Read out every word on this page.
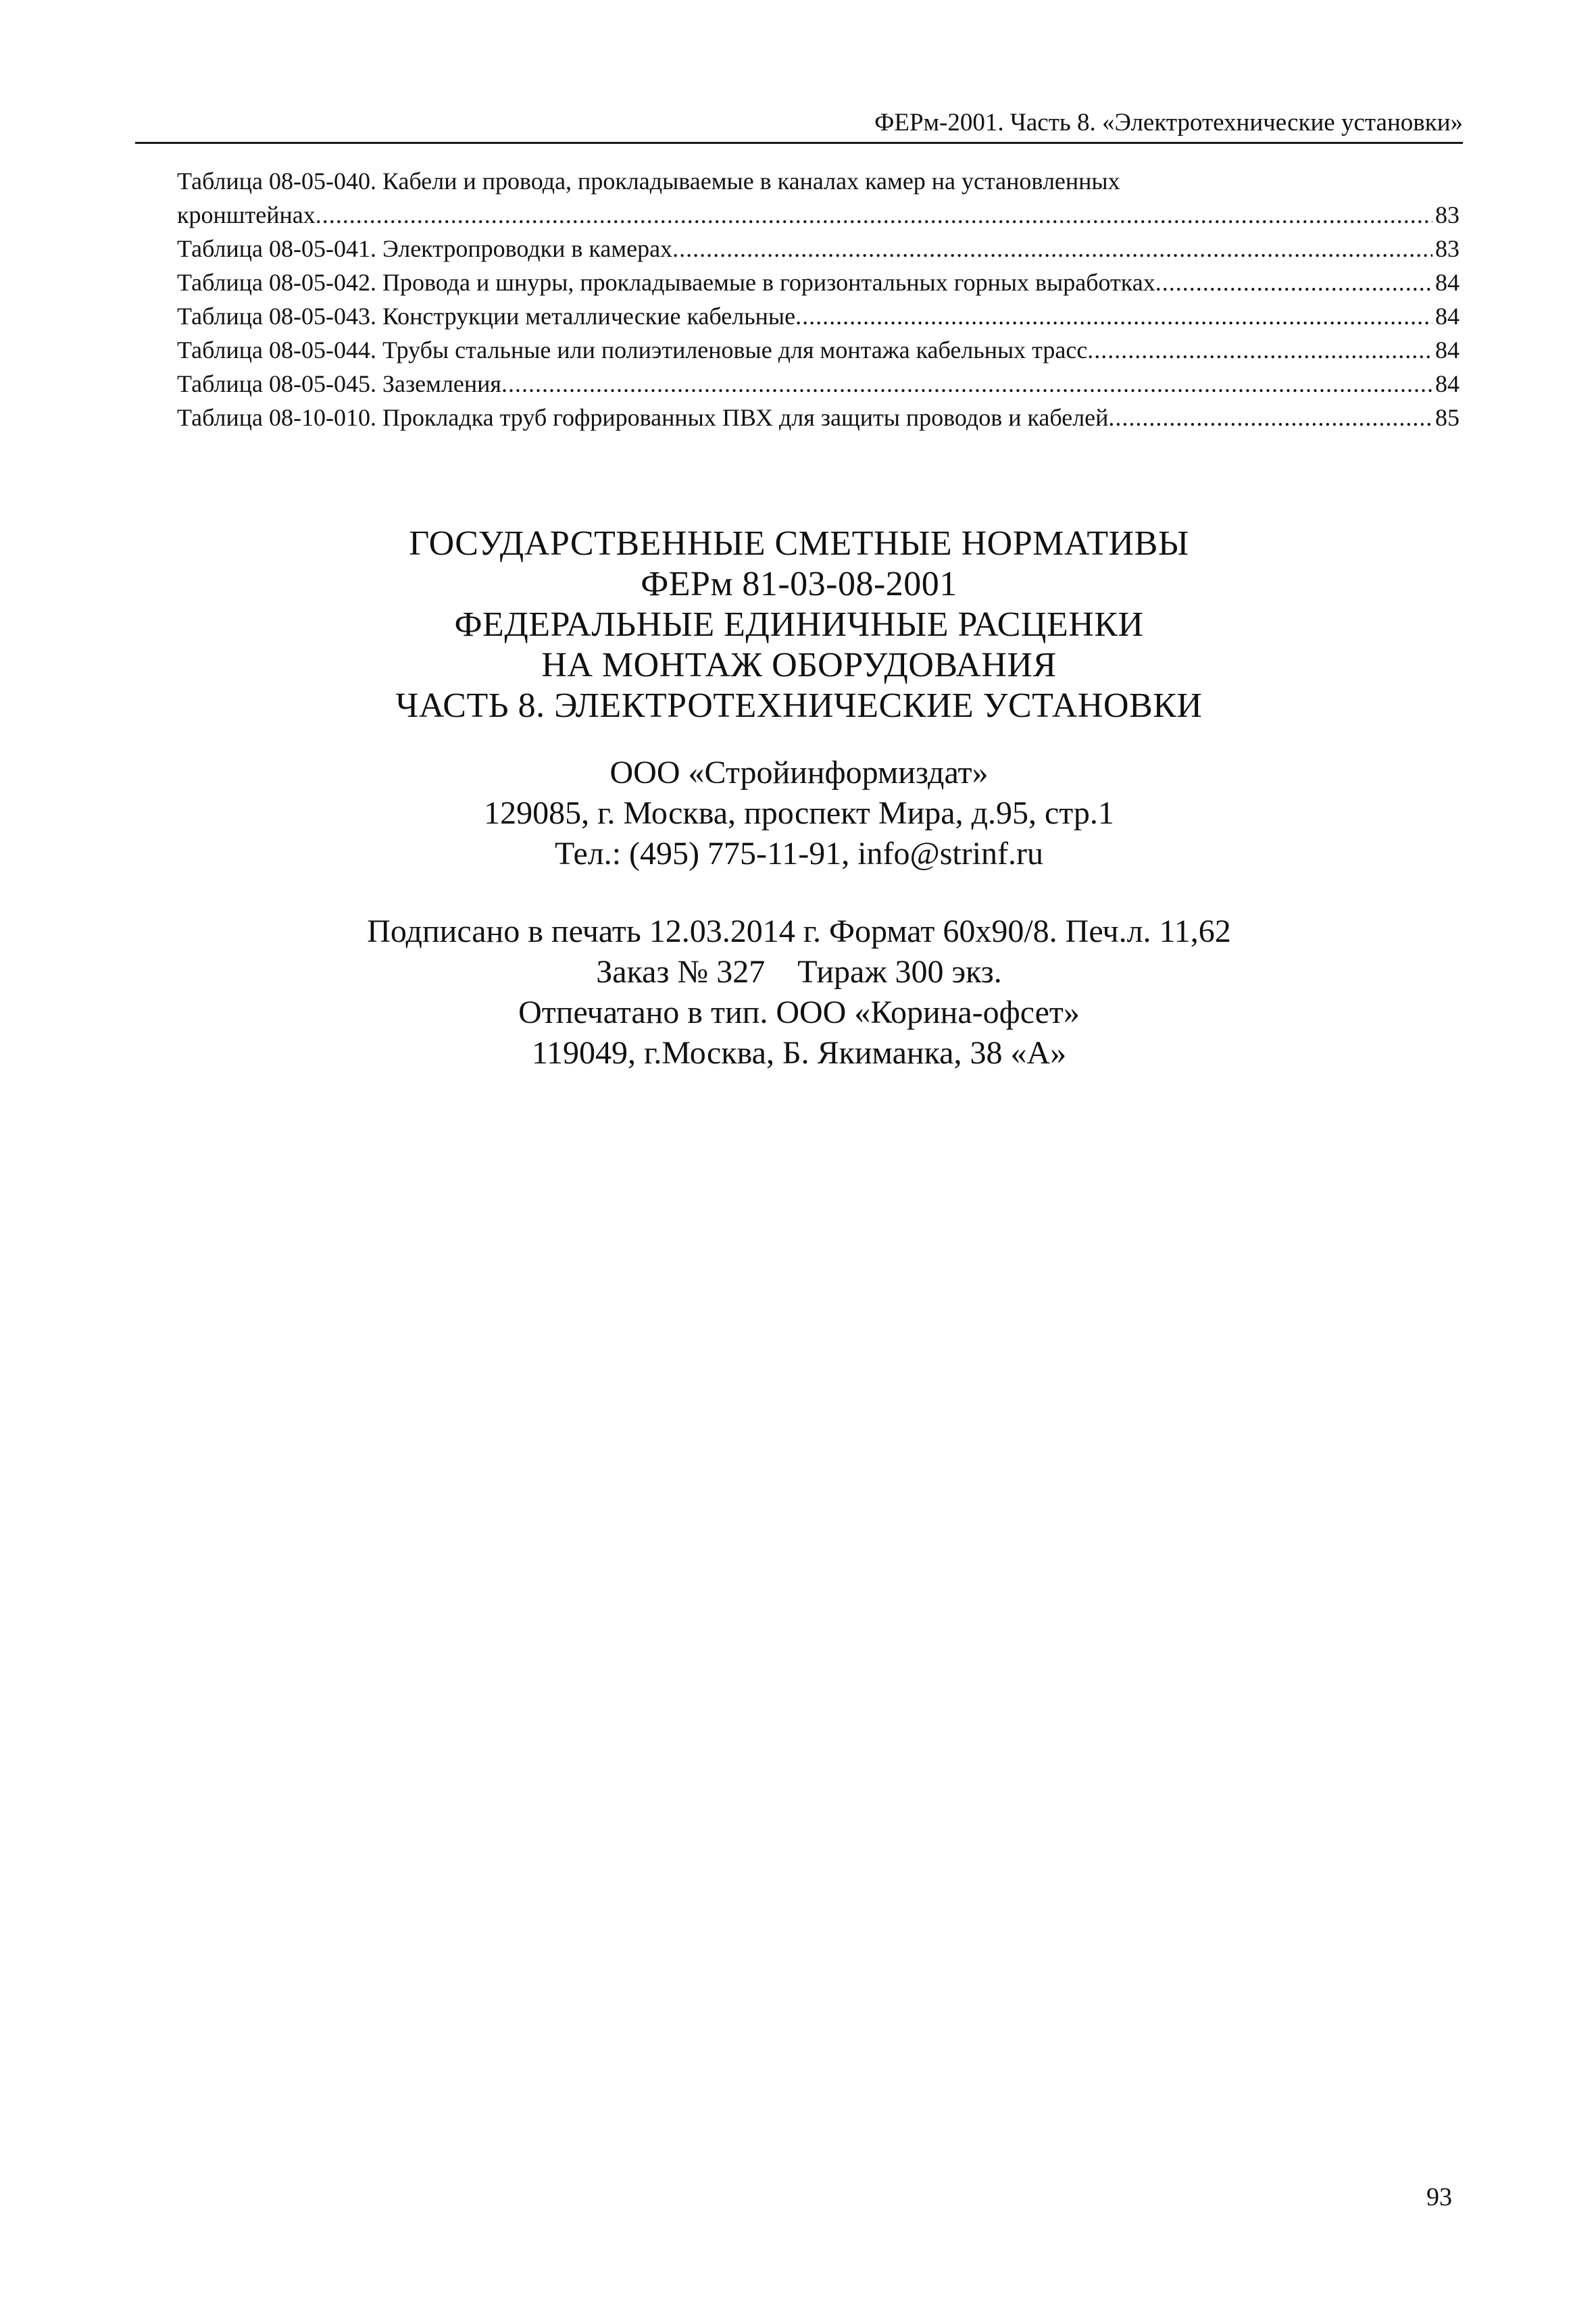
ФЕРм-2001. Часть 8. «Электротехнические установки»
Таблица 08-05-040. Кабели и провода, прокладываемые в каналах камер на установленных
кронштейнах .....	83
Таблица 08-05-041. Электропроводки в камерах .....	83
Таблица 08-05-042. Провода и шнуры, прокладываемые в горизонтальных горных выработках .....	84
Таблица 08-05-043. Конструкции металлические кабельные .....	84
Таблица 08-05-044. Трубы стальные или полиэтиленовые для монтажа кабельных трасс .....	84
Таблица 08-05-045. Заземления .....	84
Таблица 08-10-010. Прокладка труб гофрированных ПВХ для защиты проводов и кабелей .....	85
ГОСУДАРСТВЕННЫЕ СМЕТНЫЕ НОРМАТИВЫ
ФЕРм 81-03-08-2001
ФЕДЕРАЛЬНЫЕ ЕДИНИЧНЫЕ РАСЦЕНКИ
НА МОНТАЖ ОБОРУДОВАНИЯ
ЧАСТЬ 8. ЭЛЕКТРОТЕХНИЧЕСКИЕ УСТАНОВКИ
ООО «Стройинформиздат»
129085, г. Москва, проспект Мира, д.95, стр.1
Тел.: (495) 775-11-91, info@strinf.ru
Подписано в печать 12.03.2014 г. Формат 60x90/8. Печ.л. 11,62
Заказ № 327    Тираж 300 экз.
Отпечатано в тип. ООО «Корина-офсет»
119049, г.Москва, Б. Якиманка, 38 «А»
93
